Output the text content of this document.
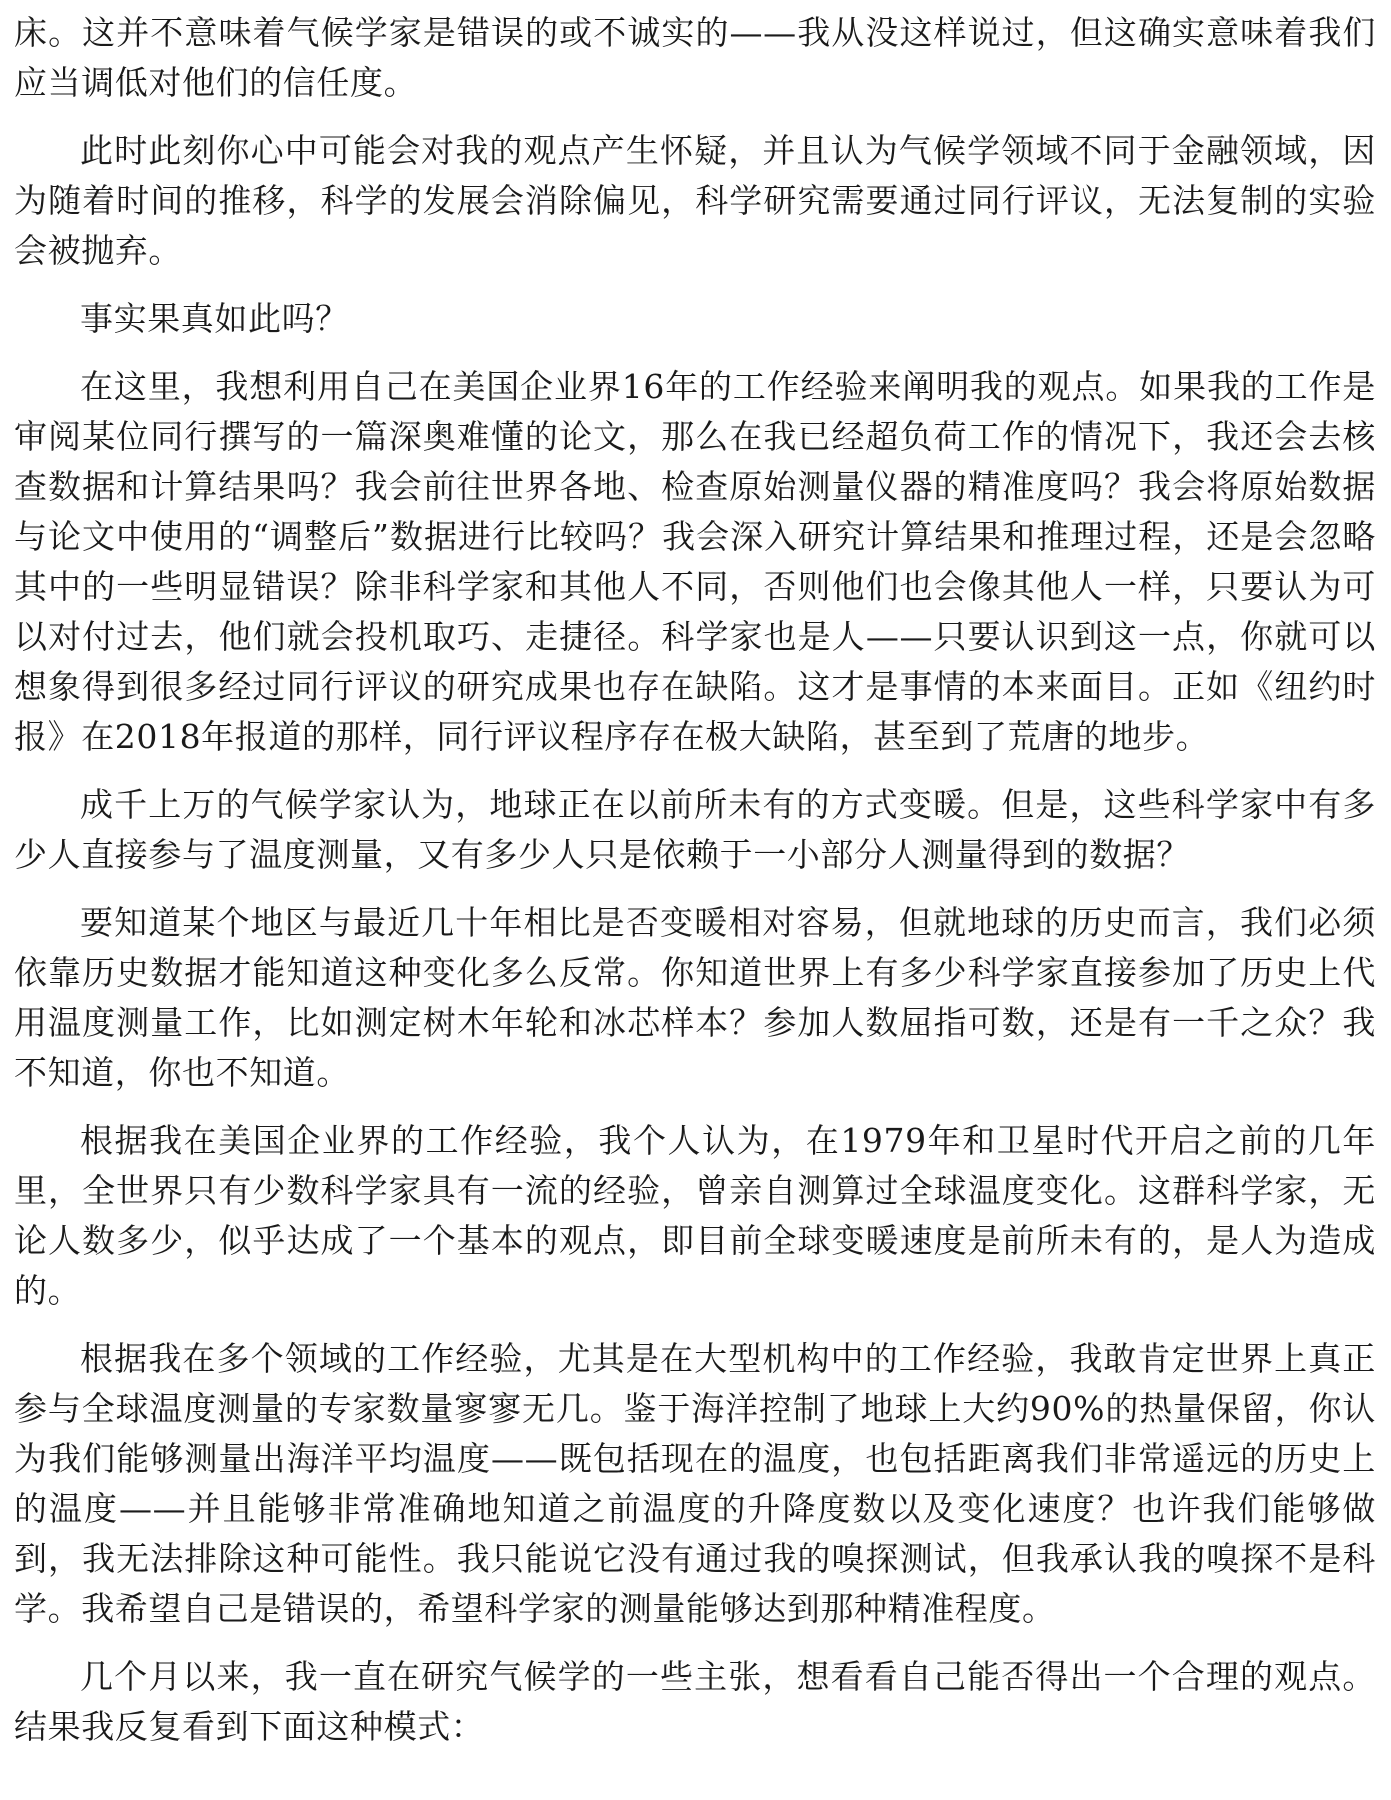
床。这并不意味着气候学家是错误的或不诚实的——我从没这样说过，但这确实意味着我们应当调低对他们的信任度。

此时此刻你心中可能会对我的观点产生怀疑，并且认为气候学领域不同于金融领域，因为随着时间的推移，科学的发展会消除偏见，科学研究需要通过同行评议，无法复制的实验会被抛弃。

事实果真如此吗？

在这里，我想利用自己在美国企业界16年的工作经验来阐明我的观点。如果我的工作是审阅某位同行撰写的一篇深奥难懂的论文，那么在我已经超负荷工作的情况下，我还会去核查数据和计算结果吗？我会前往世界各地、检查原始测量仪器的精准度吗？我会将原始数据与论文中使用的“调整后”数据进行比较吗？我会深入研究计算结果和推理过程，还是会忽略其中的一些明显错误？除非科学家和其他人不同，否则他们也会像其他人一样，只要认为可以对付过去，他们就会投机取巧、走捷径。科学家也是人——只要认识到这一点，你就可以想象得到很多经过同行评议的研究成果也存在缺陷。这才是事情的本来面目。正如《纽约时报》在2018年报道的那样，同行评议程序存在极大缺陷，甚至到了荒唐的地步。

成千上万的气候学家认为，地球正在以前所未有的方式变暖。但是，这些科学家中有多少人直接参与了温度测量，又有多少人只是依赖于一小部分人测量得到的数据？

要知道某个地区与最近几十年相比是否变暖相对容易，但就地球的历史而言，我们必须依靠历史数据才能知道这种变化多么反常。你知道世界上有多少科学家直接参加了历史上代用温度测量工作，比如测定树木年轮和冰芯样本？参加人数屈指可数，还是有一千之众？我不知道，你也不知道。

根据我在美国企业界的工作经验，我个人认为，在1979年和卫星时代开启之前的几年里，全世界只有少数科学家具有一流的经验，曾亲自测算过全球温度变化。这群科学家，无论人数多少，似乎达成了一个基本的观点，即目前全球变暖速度是前所未有的，是人为造成的。

根据我在多个领域的工作经验，尤其是在大型机构中的工作经验，我敢肯定世界上真正参与全球温度测量的专家数量寥寥无几。鉴于海洋控制了地球上大约90%的热量保留，你认为我们能够测量出海洋平均温度——既包括现在的温度，也包括距离我们非常遥远的历史上的温度——并且能够非常准确地知道之前温度的升降度数以及变化速度？也许我们能够做到，我无法排除这种可能性。我只能说它没有通过我的嗅探测试，但我承认我的嗅探不是科学。我希望自己是错误的，希望科学家的测量能够达到那种精准程度。

几个月以来，我一直在研究气候学的一些主张，想看看自己能否得出一个合理的观点。结果我反复看到下面这种模式：
